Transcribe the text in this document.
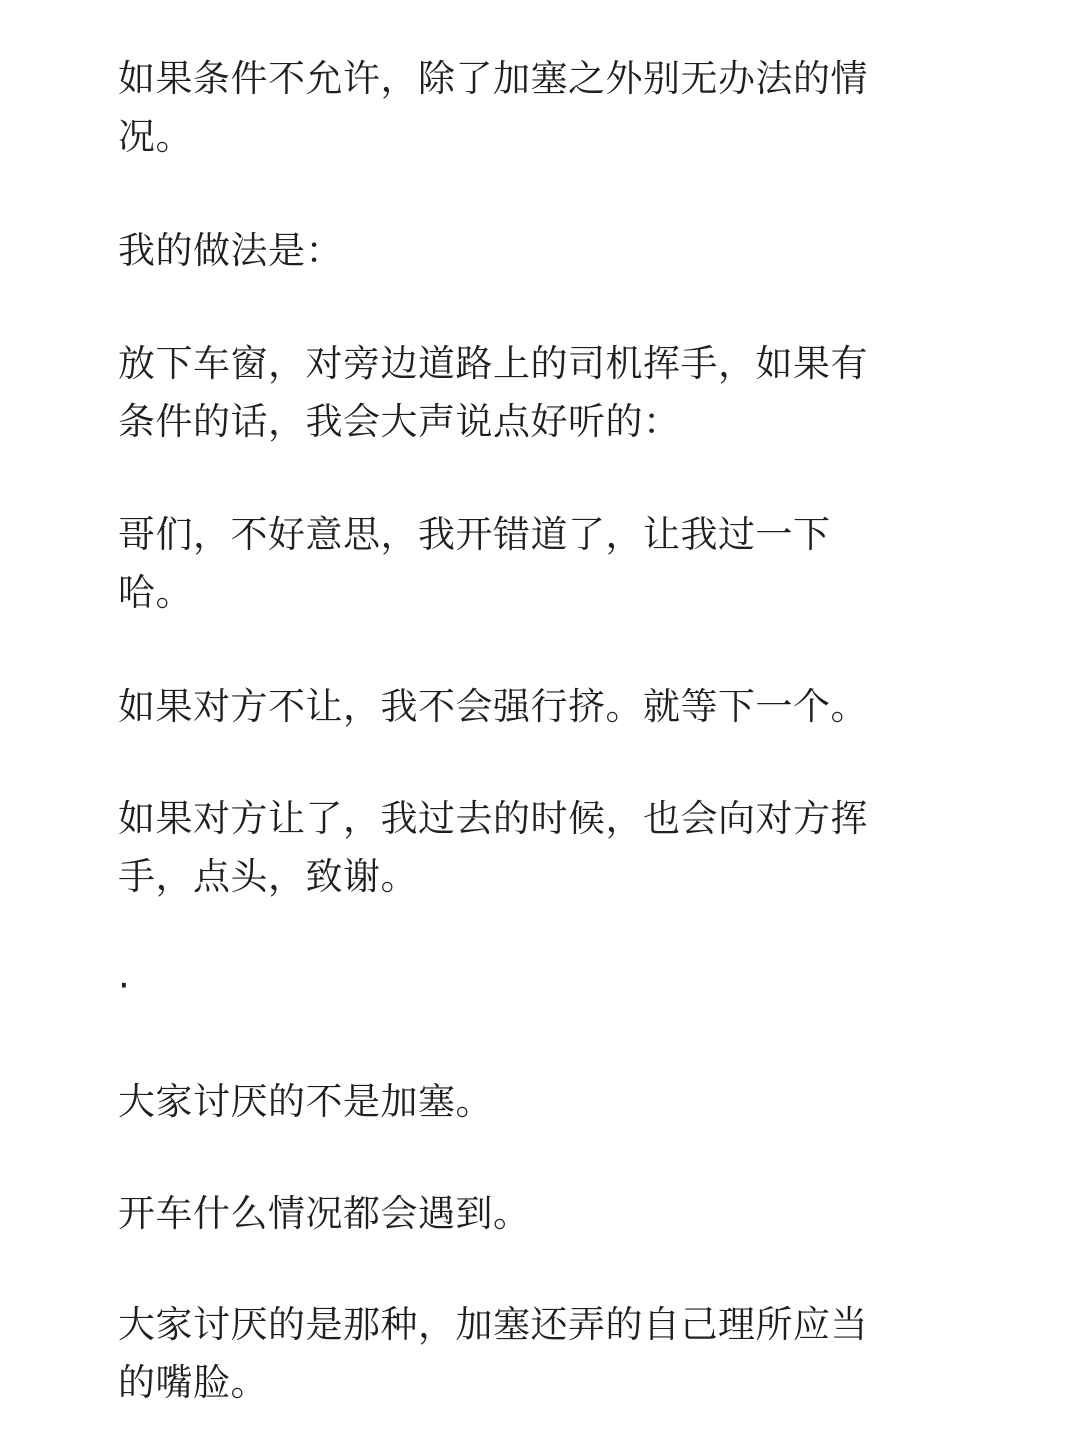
如果条件不允许，除了加塞之外别无办法的情
况。

我的做法是：

放下车窗，对旁边道路上的司机挥手，如果有
条件的话，我会大声说点好听的：

哥们，不好意思，我开错道了，让我过一下
哈。

如果对方不让，我不会强行挤。就等下一个。

如果对方让了，我过去的时候，也会向对方挥
手，点头，致谢。

·

大家讨厌的不是加塞。

开车什么情况都会遇到。

大家讨厌的是那种，加塞还弄的自己理所应当
的嘴脸。
